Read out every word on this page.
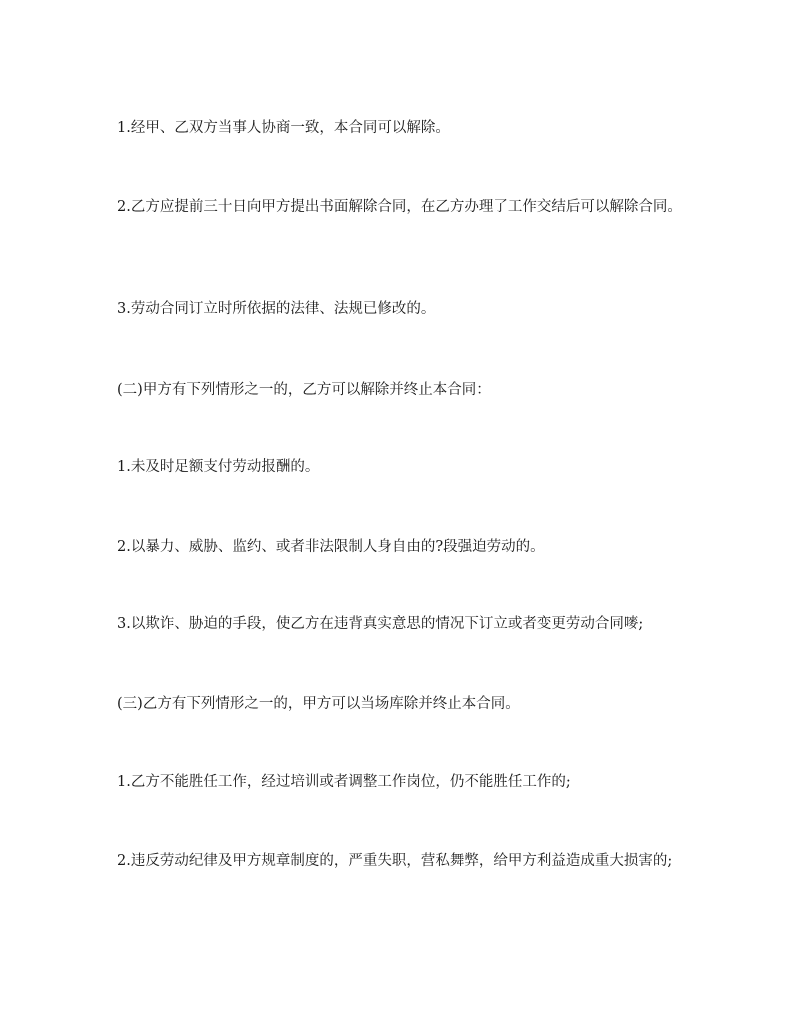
1.经甲、乙双方当事人协商一致，本合同可以解除。

2.乙方应提前三十日向甲方提出书面解除合同，在乙方办理了工作交结后可以解除合同。

3.劳动合同订立时所依据的法律、法规已修改的。

(二)甲方有下列情形之一的，乙方可以解除并终止本合同：

1.未及时足额支付劳动报酬的。

2.以暴力、威胁、监约、或者非法限制人身自由的?段强迫劳动的。

3.以欺诈、胁迫的手段，使乙方在违背真实意思的情况下订立或者变更劳动合同嘜;

(三)乙方有下列情形之一的，甲方可以当场库除并终止本合同。

1.乙方不能胜任工作，经过培训或者调整工作岗位，仍不能胜任工作的;

2.违反劳动纪律及甲方规章制度的，严重失职，营私舞弊，给甲方利益造成重大损害的;
